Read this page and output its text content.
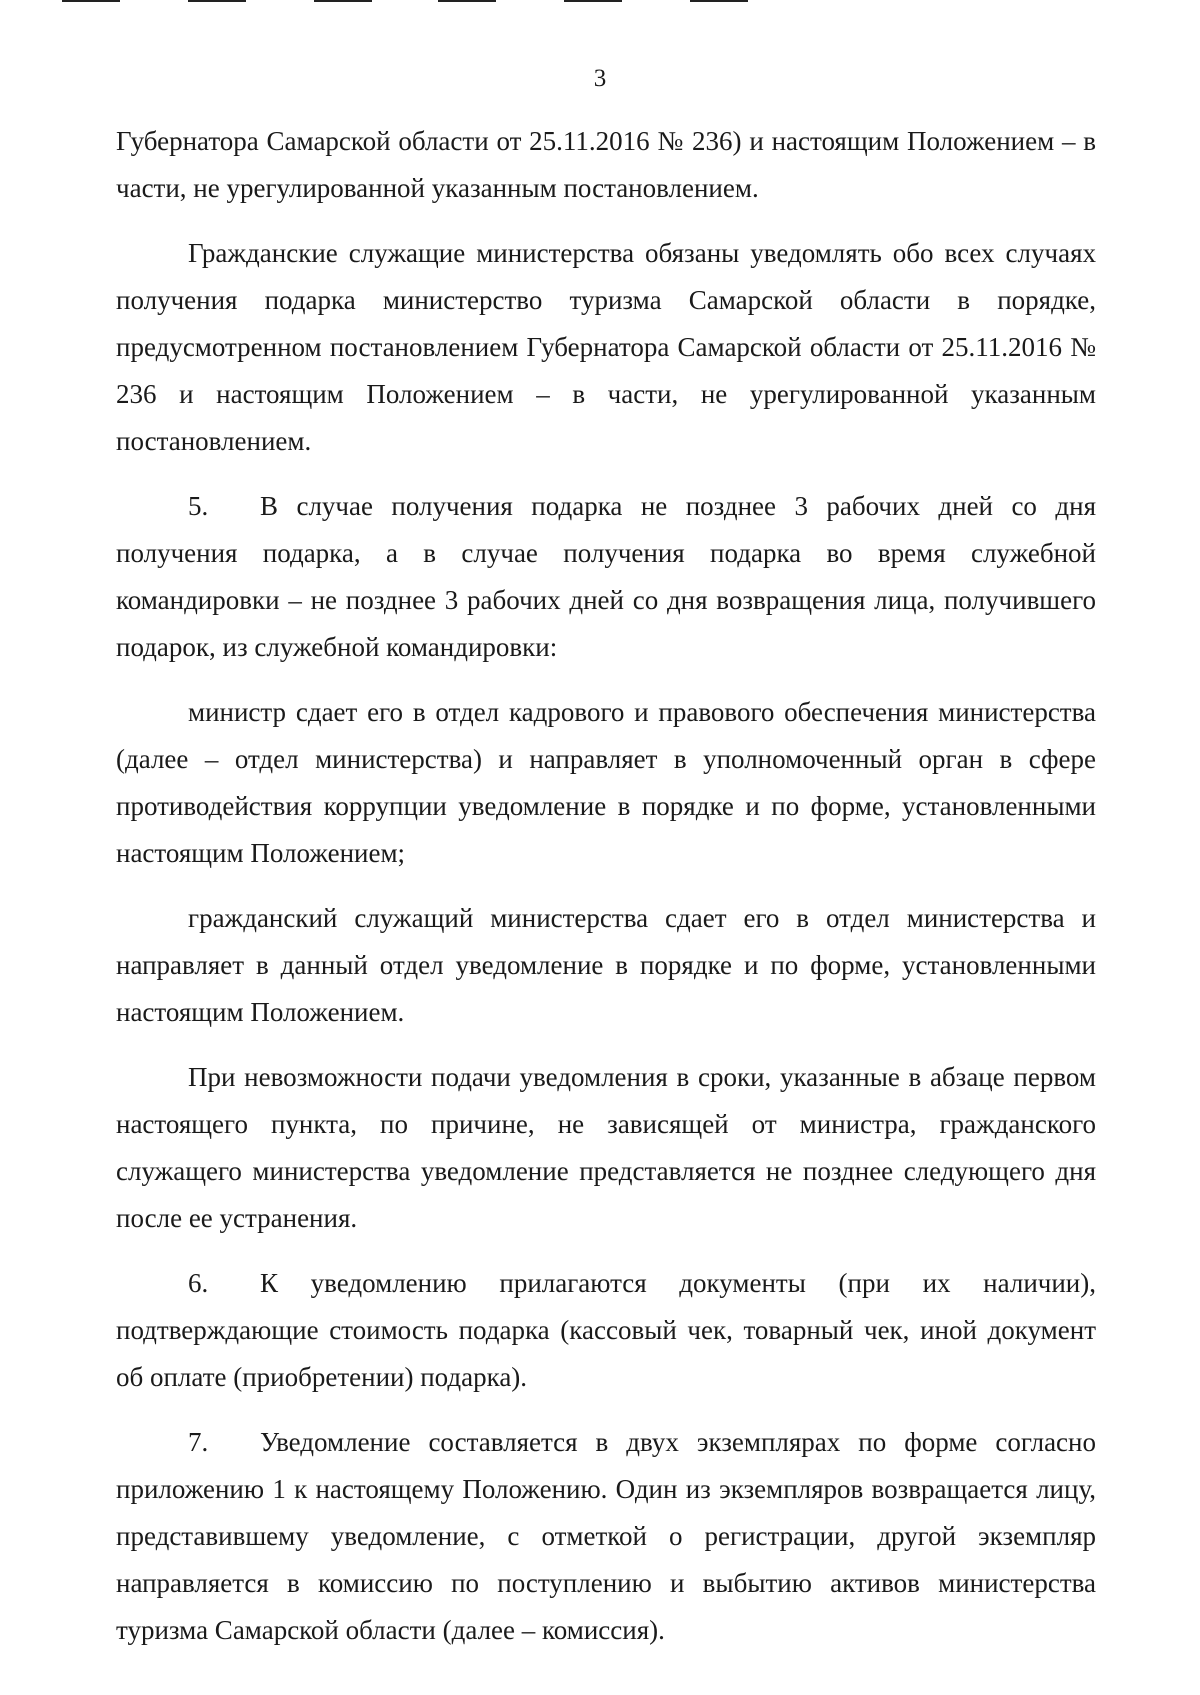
3

Губернатора Самарской области от 25.11.2016 № 236) и настоящим Положением – в части, не урегулированной указанным постановлением.

Гражданские служащие министерства обязаны уведомлять обо всех случаях получения подарка министерство туризма Самарской области в порядке, предусмотренном постановлением Губернатора Самарской области от 25.11.2016 № 236 и настоящим Положением – в части, не урегулированной указанным постановлением.

5. В случае получения подарка не позднее 3 рабочих дней со дня получения подарка, а в случае получения подарка во время служебной командировки – не позднее 3 рабочих дней со дня возвращения лица, получившего подарок, из служебной командировки:

министр сдает его в отдел кадрового и правового обеспечения министерства (далее – отдел министерства) и направляет в уполномоченный орган в сфере противодействия коррупции уведомление в порядке и по форме, установленными настоящим Положением;

гражданский служащий министерства сдает его в отдел министерства и направляет в данный отдел уведомление в порядке и по форме, установленными настоящим Положением.

При невозможности подачи уведомления в сроки, указанные в абзаце первом настоящего пункта, по причине, не зависящей от министра, гражданского служащего министерства уведомление представляется не позднее следующего дня после ее устранения.

6. К уведомлению прилагаются документы (при их наличии), подтверждающие стоимость подарка (кассовый чек, товарный чек, иной документ об оплате (приобретении) подарка).

7. Уведомление составляется в двух экземплярах по форме согласно приложению 1 к настоящему Положению. Один из экземпляров возвращается лицу, представившему уведомление, с отметкой о регистрации, другой экземпляр направляется в комиссию по поступлению и выбытию активов министерства туризма Самарской области (далее – комиссия).
